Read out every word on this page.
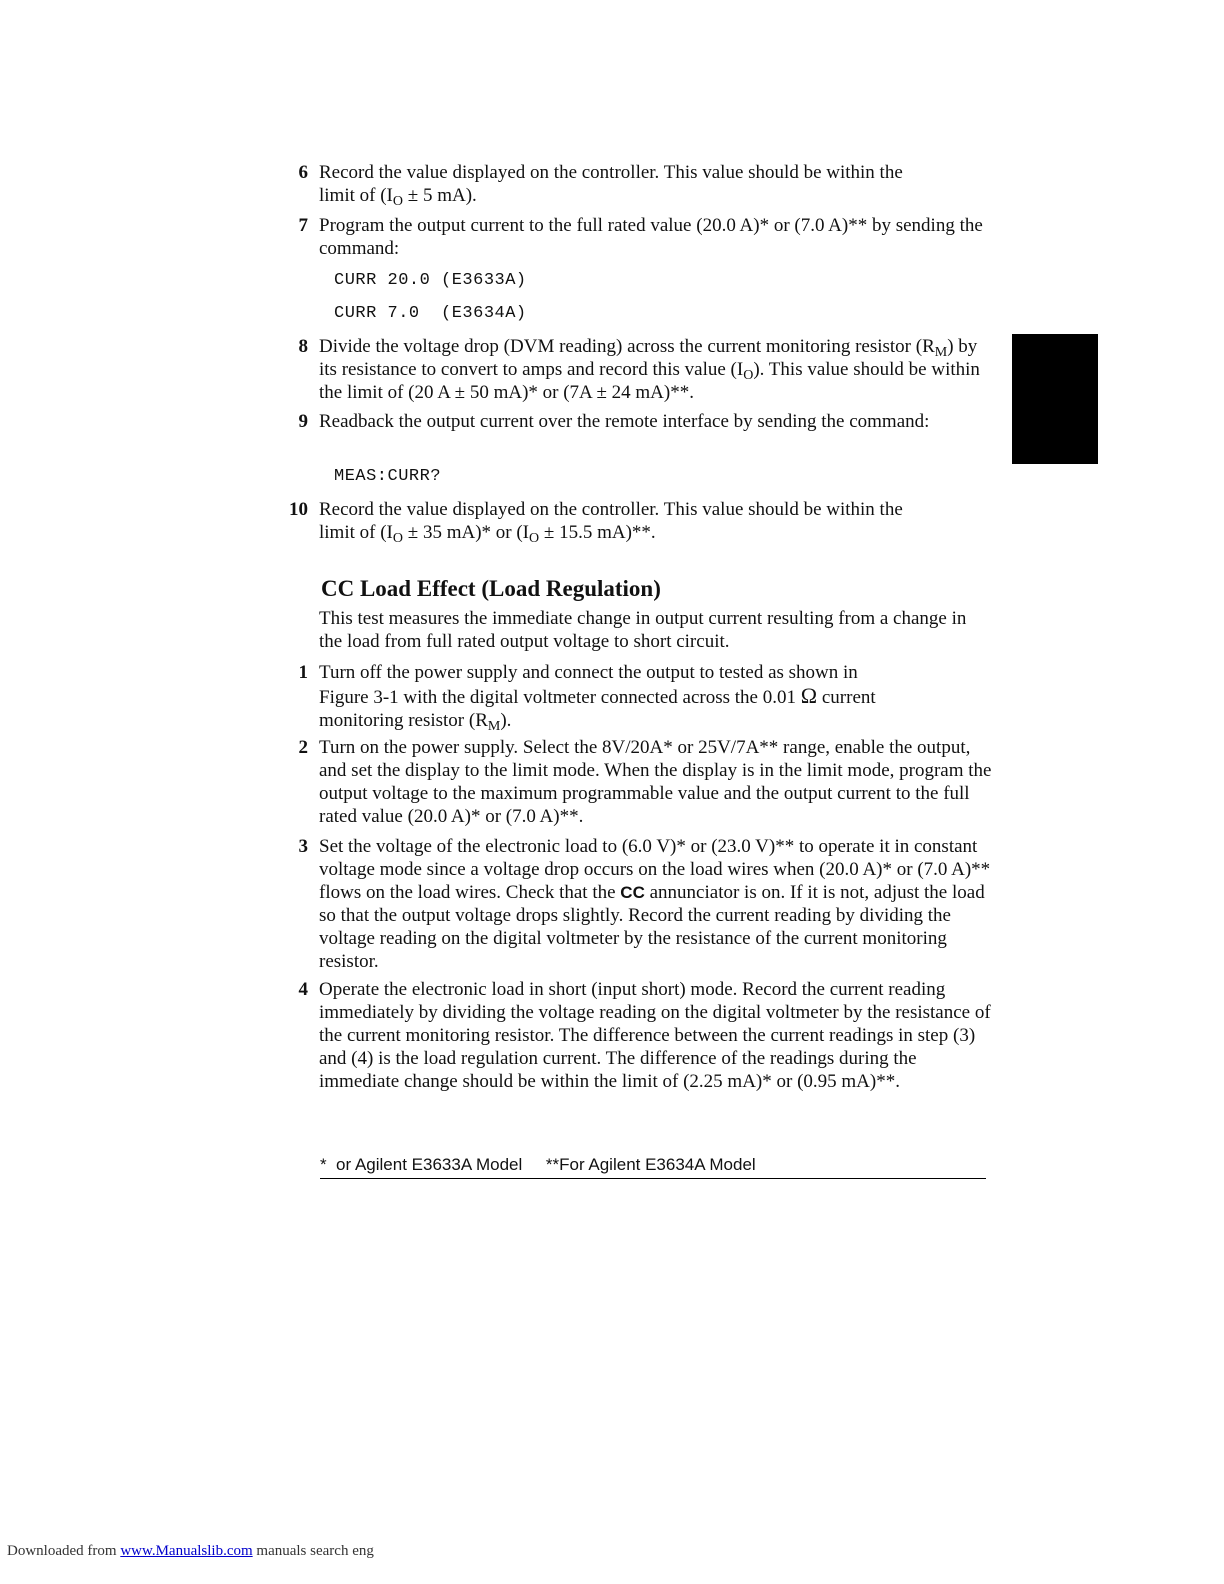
6 Record the value displayed on the controller. This value should be within the
limit of ($I_O \pm 5$ mA).
7 Program the output current to the full rated value (20.0 A)* or (7.0 A)** by sending the command:
CURR 20.0 (E3633A)
CURR 7.0  (E3634A)
8 Divide the voltage drop (DVM reading) across the current monitoring resistor $(R_M)$ by its resistance to convert to amps and record this value $(I_O)$. This value should be within the limit of (20 A ± 50 mA)* or (7A ± 24 mA)**.
9 Readback the output current over the remote interface by sending the command:
MEAS:CURR?
10 Record the value displayed on the controller. This value should be within the
limit of ($I_O \pm 35$ mA)* or ($I_O \pm 15.5$ mA)**.
CC Load Effect (Load Regulation)
This test measures the immediate change in output current resulting from a change in the load from full rated output voltage to short circuit.
1 Turn off the power supply and connect the output to tested as shown in
Figure 3-1 with the digital voltmeter connected across the 0.01 Ω current
monitoring resistor $(R_M)$.
2 Turn on the power supply. Select the 8V/20A* or 25V/7A** range, enable the output, and set the display to the limit mode. When the display is in the limit mode, program the output voltage to the maximum programmable value and the output current to the full rated value (20.0 A)* or (7.0 A)**.
3 Set the voltage of the electronic load to (6.0 V)* or (23.0 V)** to operate it in constant voltage mode since a voltage drop occurs on the load wires when (20.0 A)* or (7.0 A)** flows on the load wires. Check that the CC annunciator is on. If it is not, adjust the load so that the output voltage drops slightly. Record the current reading by dividing the voltage reading on the digital voltmeter by the resistance of the current monitoring resistor.
4 Operate the electronic load in short (input short) mode. Record the current reading immediately by dividing the voltage reading on the digital voltmeter by the resistance of the current monitoring resistor. The difference between the current readings in step (3) and (4) is the load regulation current. The difference of the readings during the immediate change should be within the limit of (2.25 mA)* or (0.95 mA)**.
*  or Agilent E3633A Model **For Agilent E3634A Model
Downloaded from www.Manualslib.com manuals search eng
